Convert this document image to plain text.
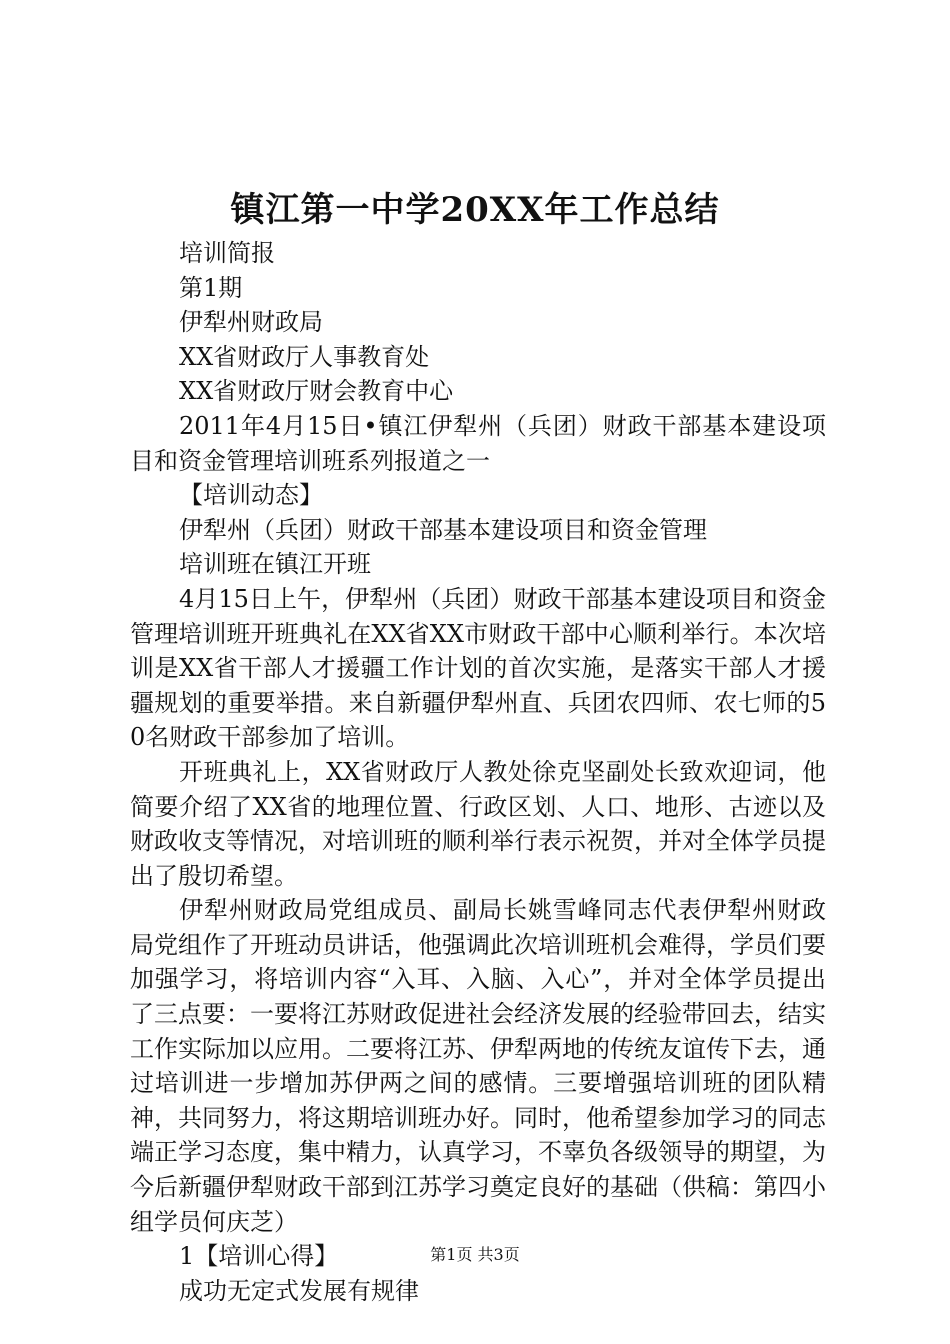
镇江第一中学20XX年工作总结

培训简报

第1期

伊犁州财政局

XX省财政厅人事教育处

XX省财政厅财会教育中心

2011年4月15日•镇江伊犁州（兵团）财政干部基本建设项目和资金管理培训班系列报道之一

【培训动态】

伊犁州（兵团）财政干部基本建设项目和资金管理

培训班在镇江开班

4月15日上午，伊犁州（兵团）财政干部基本建设项目和资金管理培训班开班典礼在XX省XX市财政干部中心顺利举行。本次培训是XX省干部人才援疆工作计划的首次实施，是落实干部人才援疆规划的重要举措。来自新疆伊犁州直、兵团农四师、农七师的50名财政干部参加了培训。

开班典礼上，XX省财政厅人教处徐克坚副处长致欢迎词，他简要介绍了XX省的地理位置、行政区划、人口、地形、古迹以及财政收支等情况，对培训班的顺利举行表示祝贺，并对全体学员提出了殷切希望。

伊犁州财政局党组成员、副局长姚雪峰同志代表伊犁州财政局党组作了开班动员讲话，他强调此次培训班机会难得，学员们要加强学习，将培训内容“入耳、入脑、入心”，并对全体学员提出了三点要：一要将江苏财政促进社会经济发展的经验带回去，结实工作实际加以应用。二要将江苏、伊犁两地的传统友谊传下去，通过培训进一步增加苏伊两之间的感情。三要增强培训班的团队精神，共同努力，将这期培训班办好。同时，他希望参加学习的同志端正学习态度，集中精力，认真学习，不辜负各级领导的期望，为今后新疆伊犁财政干部到江苏学习奠定良好的基础（供稿：第四小组学员何庆芝）

1【培训心得】

成功无定式发展有规律

第1页 共3页
